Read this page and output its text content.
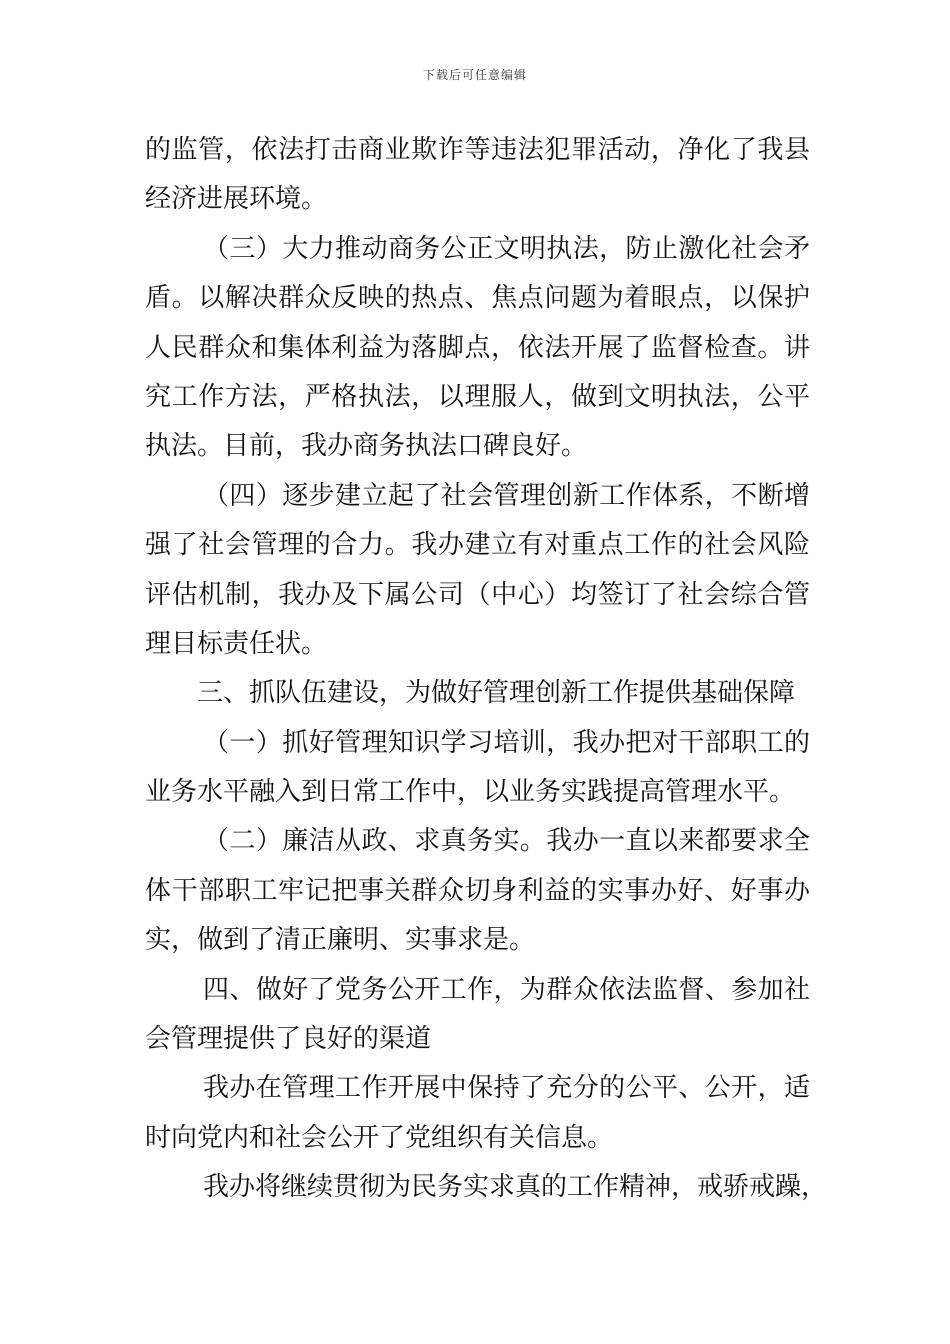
下载后可任意编辑
的监管，依法打击商业欺诈等违法犯罪活动，净化了我县
经济进展环境。
（三）大力推动商务公正文明执法，防止激化社会矛
盾。以解决群众反映的热点、焦点问题为着眼点，以保护
人民群众和集体利益为落脚点，依法开展了监督检查。讲
究工作方法，严格执法，以理服人，做到文明执法，公平
执法。目前，我办商务执法口碑良好。
（四）逐步建立起了社会管理创新工作体系，不断增
强了社会管理的合力。我办建立有对重点工作的社会风险
评估机制，我办及下属公司（中心）均签订了社会综合管
理目标责任状。
三、抓队伍建设，为做好管理创新工作提供基础保障
（一）抓好管理知识学习培训，我办把对干部职工的
业务水平融入到日常工作中，以业务实践提高管理水平。
（二）廉洁从政、求真务实。我办一直以来都要求全
体干部职工牢记把事关群众切身利益的实事办好、好事办
实，做到了清正廉明、实事求是。
四、做好了党务公开工作，为群众依法监督、参加社
会管理提供了良好的渠道
我办在管理工作开展中保持了充分的公平、公开，适
时向党内和社会公开了党组织有关信息。
我办将继续贯彻为民务实求真的工作精神，戒骄戒躁，
